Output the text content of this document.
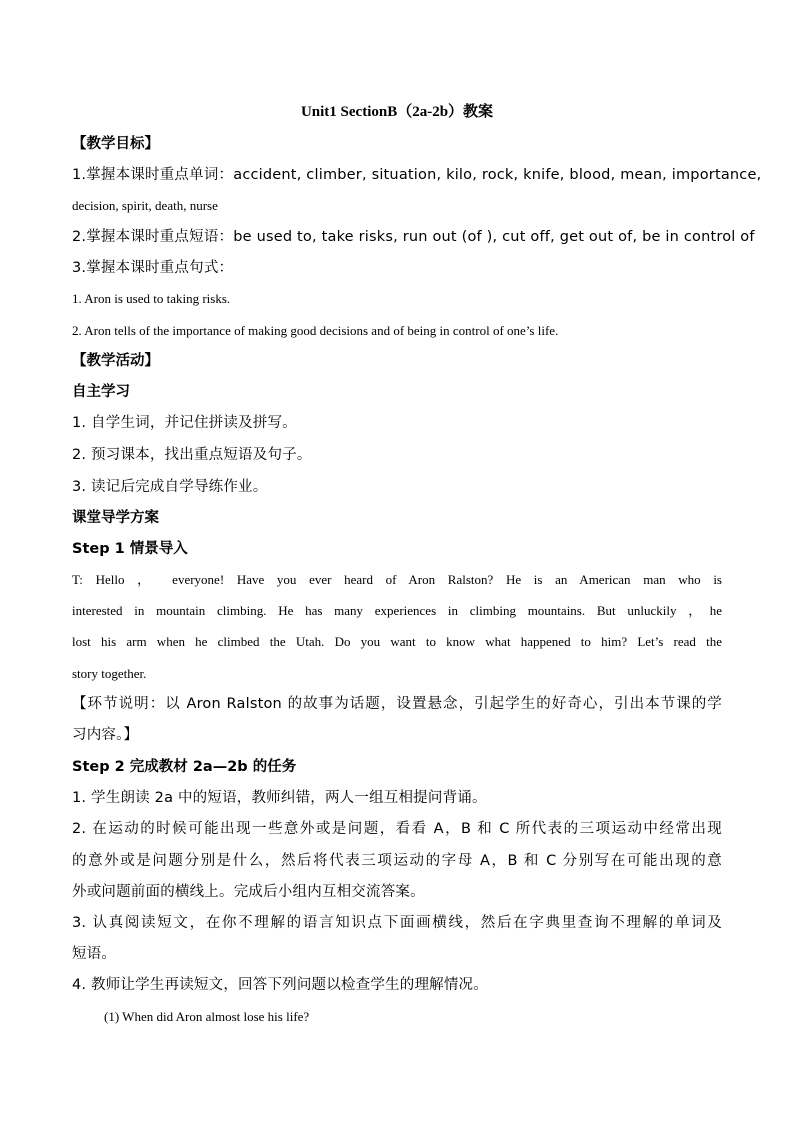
Unit1 SectionB（2a-2b）教案
【教学目标】
1.掌握本课时重点单词：accident, climber, situation, kilo, rock, knife, blood, mean, importance,
decision, spirit, death, nurse
2.掌握本课时重点短语：be used to, take risks, run out (of ), cut off, get out of, be in control of
3.掌握本课时重点句式：
1. Aron is used to taking risks.
2. Aron tells of the importance of making good decisions and of being in control of one’s life.
【教学活动】
自主学习
1. 自学生词，并记住拼读及拼写。
2. 预习课本，找出重点短语及句子。
3. 读记后完成自学导练作业。
课堂导学方案
Step 1 情景导入
T: Hello ， everyone! Have you ever heard of Aron Ralston? He is an American man who is
interested in mountain climbing. He has many experiences in climbing mountains. But unluckily ，he
lost his arm when he climbed the Utah. Do you want to know what happened to him? Let’s read the
story together.
【环节说明：以 Aron Ralston 的故事为话题，设置悬念，引起学生的好奇心，引出本节课的学
习内容。】
Step 2 完成教材 2a—2b 的任务
1. 学生朗读 2a 中的短语，教师纠错，两人一组互相提问背诵。
2. 在运动的时候可能出现一些意外或是问题，看看 A，B 和 C 所代表的三项运动中经常出现
的意外或是问题分别是什么，然后将代表三项运动的字母 A，B 和 C 分别写在可能出现的意
外或问题前面的横线上。完成后小组内互相交流答案。
3. 认真阅读短文，在你不理解的语言知识点下面画横线，然后在字典里查询不理解的单词及
短语。
4. 教师让学生再读短文，回答下列问题以检查学生的理解情况。
(1) When did Aron almost lose his life?
